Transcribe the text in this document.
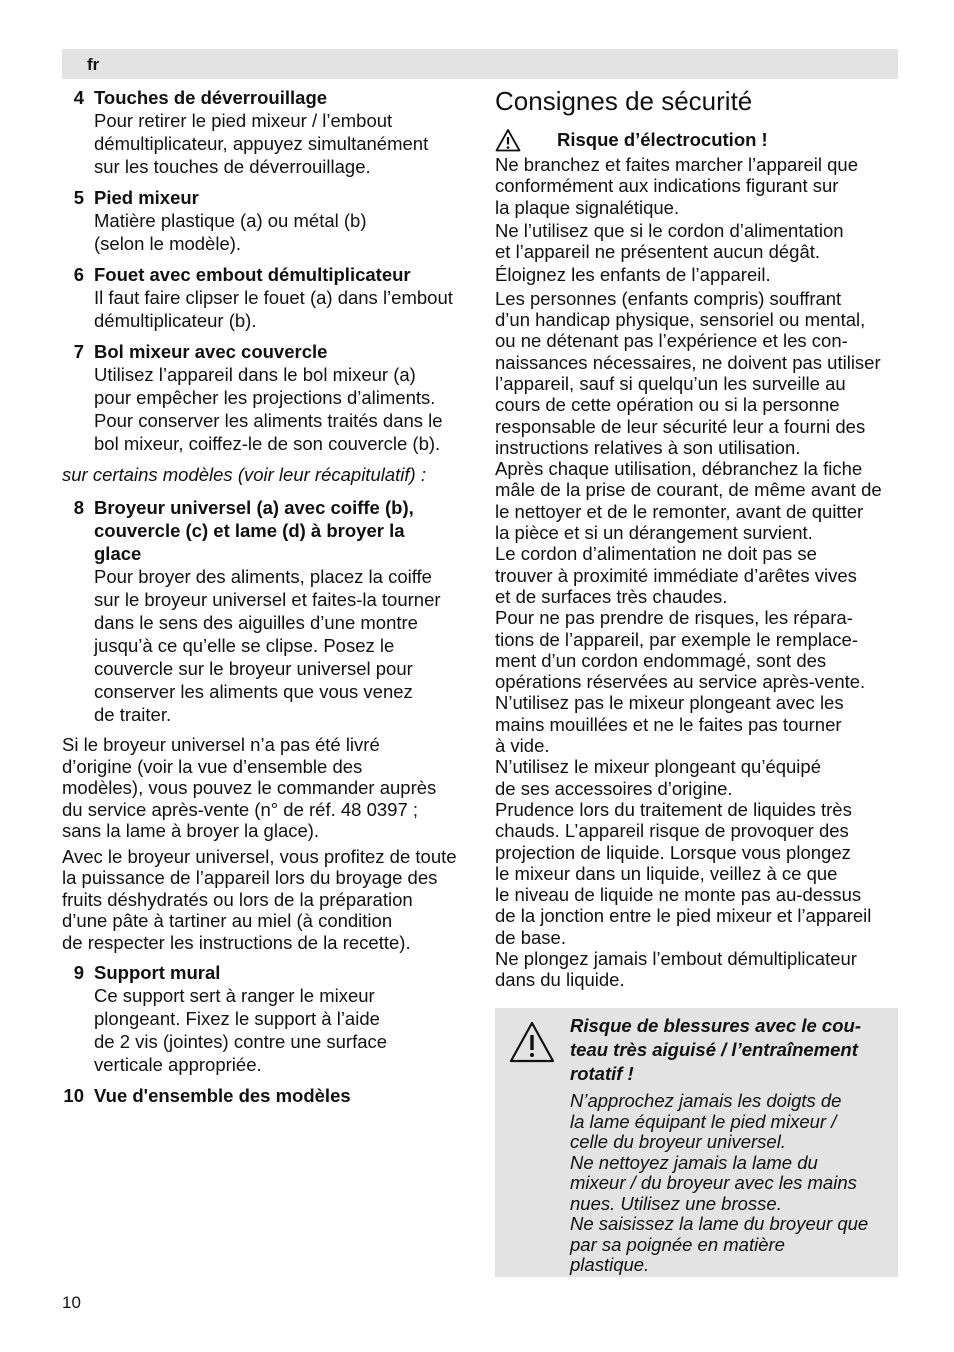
fr
4 Touches de déverrouillage
Pour retirer le pied mixeur / l’embout
démultiplicateur, appuyez simultanément
sur les touches de déverrouillage.
5 Pied mixeur
Matière plastique (a) ou métal (b)
(selon le modèle).
6 Fouet avec embout démultiplicateur
Il faut faire clipser le fouet (a) dans l’embout
démultiplicateur (b).
7 Bol mixeur avec couvercle
Utilisez l’appareil dans le bol mixeur (a)
pour empêcher les projections d’aliments.
Pour conserver les aliments traités dans le
bol mixeur, coiffez-le de son couvercle (b).

sur certains modèles (voir leur récapitulatif) :

8 Broyeur universel (a) avec coiffe (b),
couvercle (c) et lame (d) à broyer la
glace
Pour broyer des aliments, placez la coiffe
sur le broyeur universel et faites-la tourner
dans le sens des aiguilles d’une montre
jusqu’à ce qu’elle se clipse. Posez le
couvercle sur le broyeur universel pour
conserver les aliments que vous venez
de traiter.
Si le broyeur universel n’a pas été livré
d’origine (voir la vue d’ensemble des
modèles), vous pouvez le commander auprès
du service après-vente (n° de réf. 48 0397 ;
sans la lame à broyer la glace).
Avec le broyeur universel, vous profitez de toute
la puissance de l’appareil lors du broyage des
fruits déshydratés ou lors de la préparation
d’une pâte à tartiner au miel (à condition
de respecter les instructions de la recette).
9 Support mural
Ce support sert à ranger le mixeur
plongeant. Fixez le support à l’aide
de 2 vis (jointes) contre une surface
verticale appropriée.
10 Vue d'ensemble des modèles
Consignes de sécurité
Risque d’électrocution !
Ne branchez et faites marcher l’appareil que
conformément aux indications figurant sur
la plaque signalétique.
Ne l’utilisez que si le cordon d’alimentation
et l’appareil ne présentent aucun dégât.
Éloignez les enfants de l’appareil.
Les personnes (enfants compris) souffrant
d’un handicap physique, sensoriel ou mental,
ou ne détenant pas l’expérience et les con-
naissances nécessaires, ne doivent pas utiliser
l’appareil, sauf si quelqu’un les surveille au
cours de cette opération ou si la personne
responsable de leur sécurité leur a fourni des
instructions relatives à son utilisation.
Après chaque utilisation, débranchez la fiche
mâle de la prise de courant, de même avant de
le nettoyer et de le remonter, avant de quitter
la pièce et si un dérangement survient.
Le cordon d’alimentation ne doit pas se
trouver à proximité immédiate d’arêtes vives
et de surfaces très chaudes.
Pour ne pas prendre de risques, les répara-
tions de l’appareil, par exemple le remplace-
ment d’un cordon endommagé, sont des
opérations réservées au service après-vente.
N’utilisez pas le mixeur plongeant avec les
mains mouillées et ne le faites pas tourner
à vide.
N’utilisez le mixeur plongeant qu’équipé
de ses accessoires d’origine.
Prudence lors du traitement de liquides très
chauds. L’appareil risque de provoquer des
projection de liquide. Lorsque vous plongez
le mixeur dans un liquide, veillez à ce que
le niveau de liquide ne monte pas au-dessus
de la jonction entre le pied mixeur et l’appareil
de base.
Ne plongez jamais l’embout démultiplicateur
dans du liquide.
Risque de blessures avec le cou-
teau très aiguisé / l’entraînement
rotatif !
N’approchez jamais les doigts de
la lame équipant le pied mixeur /
celle du broyeur universel.
Ne nettoyez jamais la lame du
mixeur / du broyeur avec les mains
nues. Utilisez une brosse.
Ne saisissez la lame du broyeur que
par sa poignée en matière
plastique.
10
